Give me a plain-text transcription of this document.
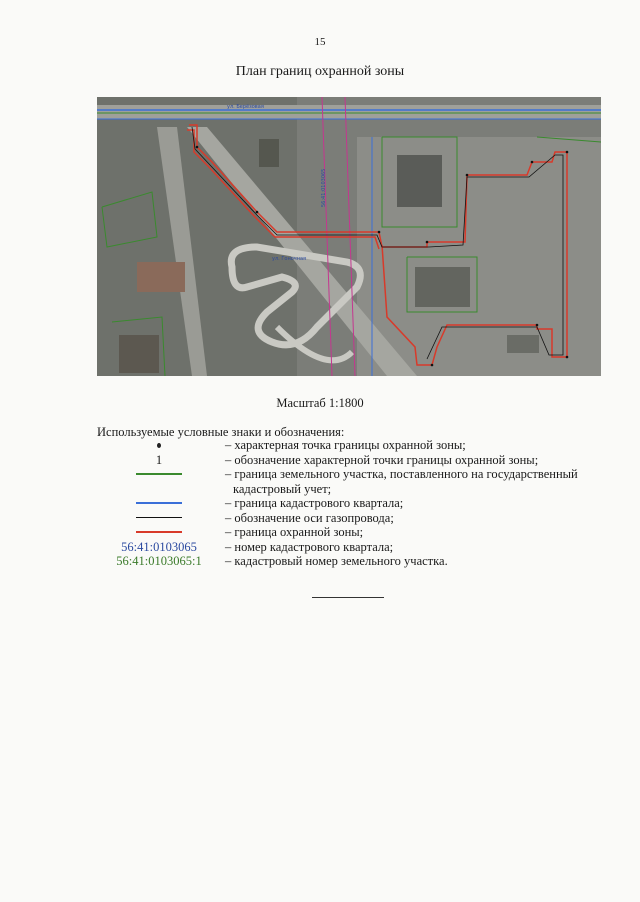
15
План границ охранной зоны
ул. Берёзовая
ул. Гоночная
56:41:0103065
Масштаб 1:1800
Используемые условные знаки и обозначения:
– характерная точка границы охранной зоны;
1	– обозначение характерной точки границы охранной зоны;
– граница земельного участка, поставленного на государственный
кадастровый учет;
– граница кадастрового квартала;
– обозначение оси газопровода;
– граница охранной зоны;
56:41:0103065	– номер кадастрового квартала;
56:41:0103065:1	– кадастровый номер земельного участка.
